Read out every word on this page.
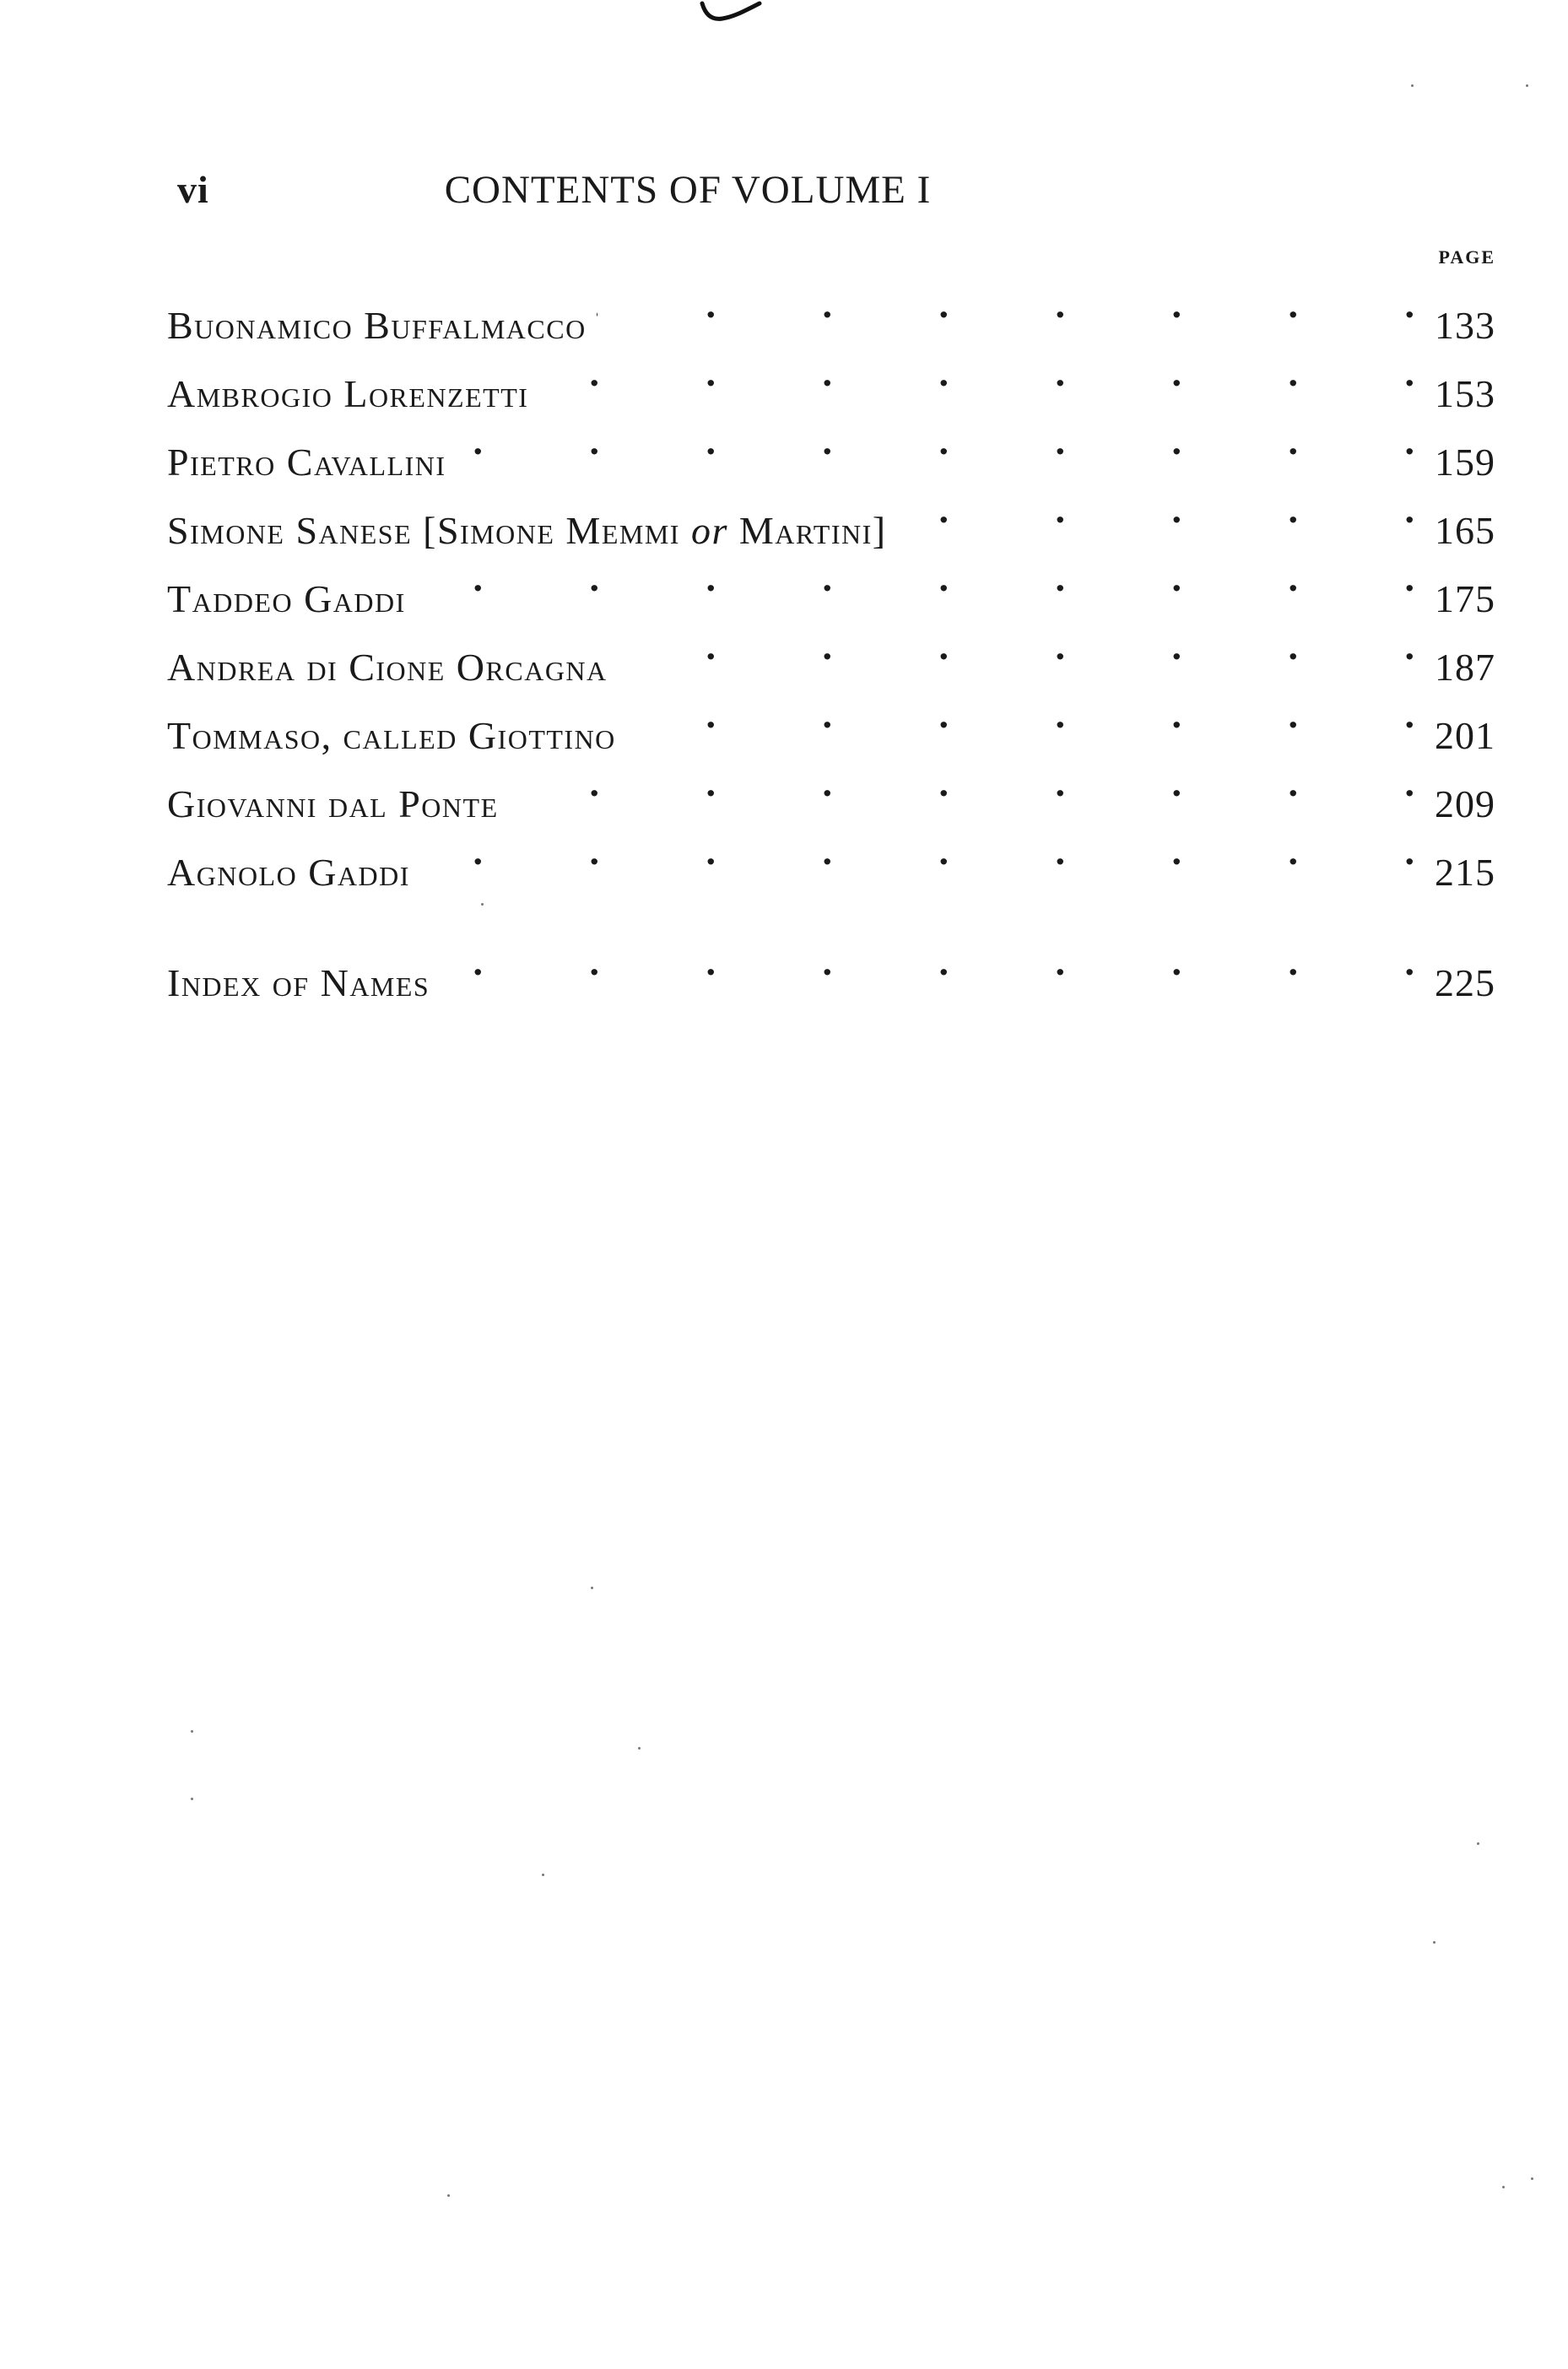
vi	CONTENTS OF VOLUME I
PAGE
Buonamico Buffalmacco .	133
Ambrogio Lorenzetti .	153
Pietro Cavallini .	159
Simone Sanese [Simone Memmi or Martini] .	165
Taddeo Gaddi .	175
Andrea di Cione Orcagna .	187
Tommaso, called Giottino .	201
Giovanni dal Ponte .	209
Agnolo Gaddi .	215
Index of Names .	225
